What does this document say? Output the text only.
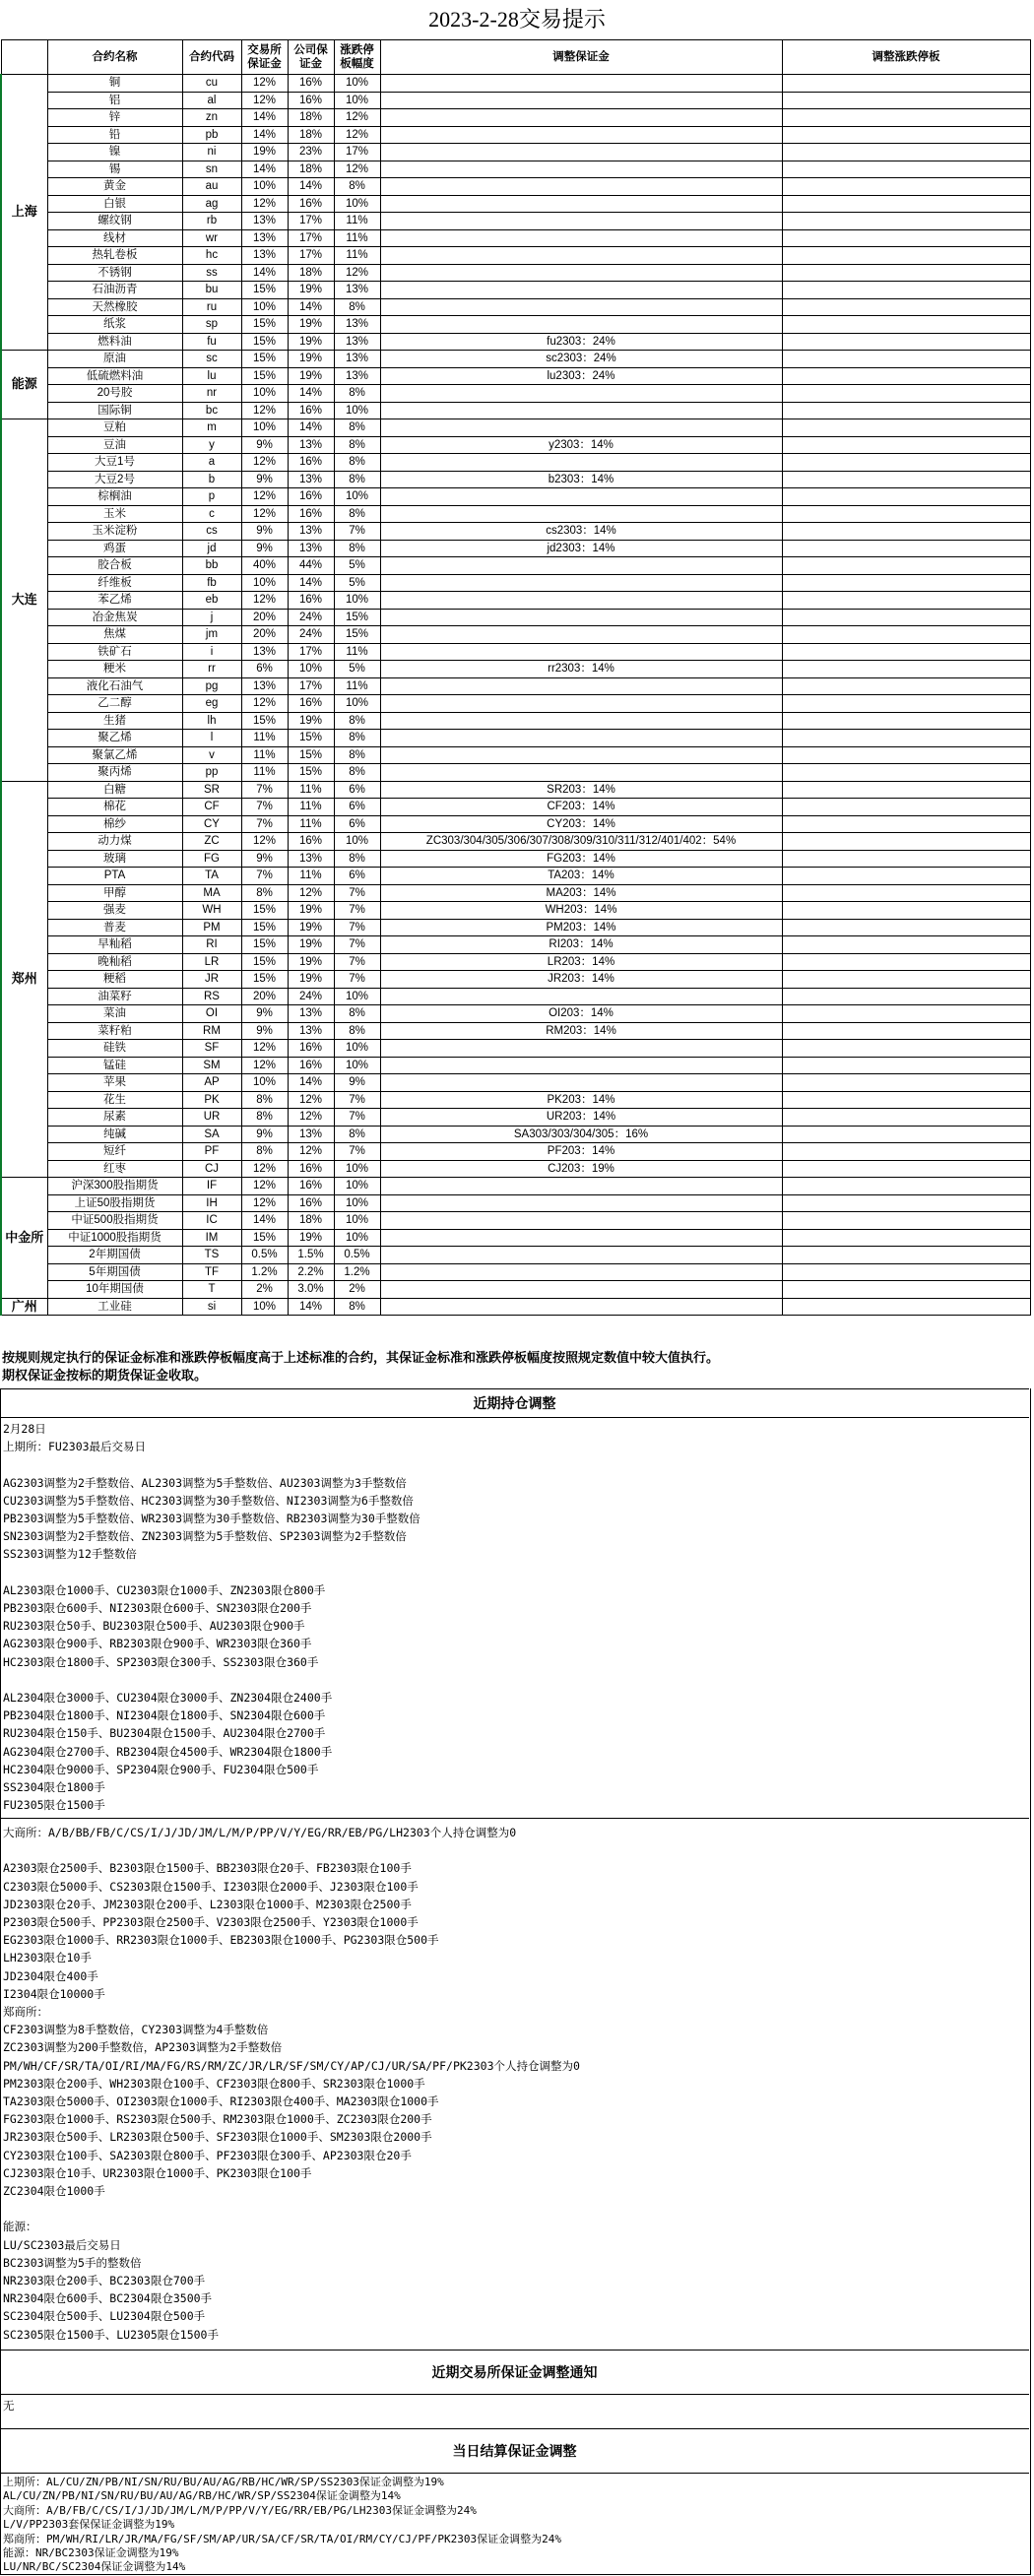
2023-2-28交易提示
	合约名称	合约代码	交易所保证金	公司保证金	涨跌停板幅度	调整保证金	调整涨跌停板
上海	铜	cu	12%	16%	10%		
	铝	al	12%	16%	10%		
	锌	zn	14%	18%	12%		
	铅	pb	14%	18%	12%		
	镍	ni	19%	23%	17%		
	锡	sn	14%	18%	12%		
	黄金	au	10%	14%	8%		
	白银	ag	12%	16%	10%		
	螺纹钢	rb	13%	17%	11%		
	线材	wr	13%	17%	11%		
	热轧卷板	hc	13%	17%	11%		
	不锈钢	ss	14%	18%	12%		
	石油沥青	bu	15%	19%	13%		
	天然橡胶	ru	10%	14%	8%		
	纸浆	sp	15%	19%	13%		
	燃料油	fu	15%	19%	13%	fu2303：24%	
能源	原油	sc	15%	19%	13%	sc2303：24%	
	低硫燃料油	lu	15%	19%	13%	lu2303：24%	
	20号胶	nr	10%	14%	8%		
	国际铜	bc	12%	16%	10%		
大连	豆粕	m	10%	14%	8%		
	豆油	y	9%	13%	8%	y2303：14%	
	大豆1号	a	12%	16%	8%		
	大豆2号	b	9%	13%	8%	b2303：14%	
	棕榈油	p	12%	16%	10%		
	玉米	c	12%	16%	8%		
	玉米淀粉	cs	9%	13%	7%	cs2303：14%	
	鸡蛋	jd	9%	13%	8%	jd2303：14%	
	胶合板	bb	40%	44%	5%		
	纤维板	fb	10%	14%	5%		
	苯乙烯	eb	12%	16%	10%		
	冶金焦炭	j	20%	24%	15%		
	焦煤	jm	20%	24%	15%		
	铁矿石	i	13%	17%	11%		
	粳米	rr	6%	10%	5%	rr2303：14%	
	液化石油气	pg	13%	17%	11%		
	乙二醇	eg	12%	16%	10%		
	生猪	lh	15%	19%	8%		
	聚乙烯	l	11%	15%	8%		
	聚氯乙烯	v	11%	15%	8%		
	聚丙烯	pp	11%	15%	8%		
郑州	白糖	SR	7%	11%	6%	SR203：14%	
	棉花	CF	7%	11%	6%	CF203：14%	
	棉纱	CY	7%	11%	6%	CY203：14%	
	动力煤	ZC	12%	16%	10%	ZC303/304/305/306/307/308/309/310/311/312/401/402：54%	
	玻璃	FG	9%	13%	8%	FG203：14%	
	PTA	TA	7%	11%	6%	TA203：14%	
	甲醇	MA	8%	12%	7%	MA203：14%	
	强麦	WH	15%	19%	7%	WH203：14%	
	普麦	PM	15%	19%	7%	PM203：14%	
	早籼稻	RI	15%	19%	7%	RI203：14%	
	晚籼稻	LR	15%	19%	7%	LR203：14%	
	粳稻	JR	15%	19%	7%	JR203：14%	
	油菜籽	RS	20%	24%	10%		
	菜油	OI	9%	13%	8%	OI203：14%	
	菜籽粕	RM	9%	13%	8%	RM203：14%	
	硅铁	SF	12%	16%	10%		
	锰硅	SM	12%	16%	10%		
	苹果	AP	10%	14%	9%		
	花生	PK	8%	12%	7%	PK203：14%	
	尿素	UR	8%	12%	7%	UR203：14%	
	纯碱	SA	9%	13%	8%	SA303/303/304/305：16%	
	短纤	PF	8%	12%	7%	PF203：14%	
	红枣	CJ	12%	16%	10%	CJ203：19%	
中金所	沪深300股指期货	IF	12%	16%	10%		
	上证50股指期货	IH	12%	16%	10%		
	中证500股指期货	IC	14%	18%	10%		
	中证1000股指期货	IM	15%	19%	10%		
	2年期国债	TS	0.5%	1.5%	0.5%		
	5年期国债	TF	1.2%	2.2%	1.2%		
	10年期国债	T	2%	3.0%	2%		
广州	工业硅	si	10%	14%	8%		
按规则规定执行的保证金标准和涨跌停板幅度高于上述标准的合约，其保证金标准和涨跌停板幅度按照规定数值中较大值执行。
期权保证金按标的期货保证金收取。
近期持仓调整
2月28日
上期所：FU2303最后交易日

AG2303调整为2手整数倍、AL2303调整为5手整数倍、AU2303调整为3手整数倍
CU2303调整为5手整数倍、HC2303调整为30手整数倍、NI2303调整为6手整数倍
PB2303调整为5手整数倍、WR2303调整为30手整数倍、RB2303调整为30手整数倍
SN2303调整为2手整数倍、ZN2303调整为5手整数倍、SP2303调整为2手整数倍
SS2303调整为12手整数倍

AL2303限仓1000手、CU2303限仓1000手、ZN2303限仓800手
PB2303限仓600手、NI2303限仓600手、SN2303限仓200手
RU2303限仓50手、BU2303限仓500手、AU2303限仓900手
AG2303限仓900手、RB2303限仓900手、WR2303限仓360手
HC2303限仓1800手、SP2303限仓300手、SS2303限仓360手

AL2304限仓3000手、CU2304限仓3000手、ZN2304限仓2400手
PB2304限仓1800手、NI2304限仓1800手、SN2304限仓600手
RU2304限仓150手、BU2304限仓1500手、AU2304限仓2700手
AG2304限仓2700手、RB2304限仓4500手、WR2304限仓1800手
HC2304限仓9000手、SP2304限仓900手、FU2304限仓500手
SS2304限仓1800手
FU2305限仓1500手
大商所：A/B/BB/FB/C/CS/I/J/JD/JM/L/M/P/PP/V/Y/EG/RR/EB/PG/LH2303个人持仓调整为0

A2303限仓2500手、B2303限仓1500手、BB2303限仓20手、FB2303限仓100手
C2303限仓5000手、CS2303限仓1500手、I2303限仓2000手、J2303限仓100手
JD2303限仓20手、JM2303限仓200手、L2303限仓1000手、M2303限仓2500手
P2303限仓500手、PP2303限仓2500手、V2303限仓2500手、Y2303限仓1000手
EG2303限仓1000手、RR2303限仓1000手、EB2303限仓1000手、PG2303限仓500手
LH2303限仓10手
JD2304限仓400手
I2304限仓10000手
郑商所：
CF2303调整为8手整数倍，CY2303调整为4手整数倍
ZC2303调整为200手整数倍，AP2303调整为2手整数倍
PM/WH/CF/SR/TA/OI/RI/MA/FG/RS/RM/ZC/JR/LR/SF/SM/CY/AP/CJ/UR/SA/PF/PK2303个人持仓调整为0
PM2303限仓200手、WH2303限仓100手、CF2303限仓800手、SR2303限仓1000手
TA2303限仓5000手、OI2303限仓1000手、RI2303限仓400手、MA2303限仓1000手
FG2303限仓1000手、RS2303限仓500手、RM2303限仓1000手、ZC2303限仓200手
JR2303限仓500手、LR2303限仓500手、SF2303限仓1000手、SM2303限仓2000手
CY2303限仓100手、SA2303限仓800手、PF2303限仓300手、AP2303限仓20手
CJ2303限仓10手、UR2303限仓1000手、PK2303限仓100手
ZC2304限仓1000手

能源：
LU/SC2303最后交易日
BC2303调整为5手的整数倍
NR2303限仓200手、BC2303限仓700手
NR2304限仓600手、BC2304限仓3500手
SC2304限仓500手、LU2304限仓500手
SC2305限仓1500手、LU2305限仓1500手
近期交易所保证金调整通知
无
当日结算保证金调整
上期所：AL/CU/ZN/PB/NI/SN/RU/BU/AU/AG/RB/HC/WR/SP/SS2303保证金调整为19%
AL/CU/ZN/PB/NI/SN/RU/BU/AU/AG/RB/HC/WR/SP/SS2304保证金调整为14%
大商所：A/B/FB/C/CS/I/J/JD/JM/L/M/P/PP/V/Y/EG/RR/EB/PG/LH2303保证金调整为24%
L/V/PP2303套保保证金调整为19%
郑商所：PM/WH/RI/LR/JR/MA/FG/SF/SM/AP/UR/SA/CF/SR/TA/OI/RM/CY/CJ/PF/PK2303保证金调整为24%
能源：NR/BC2303保证金调整为19%
LU/NR/BC/SC2304保证金调整为14%
